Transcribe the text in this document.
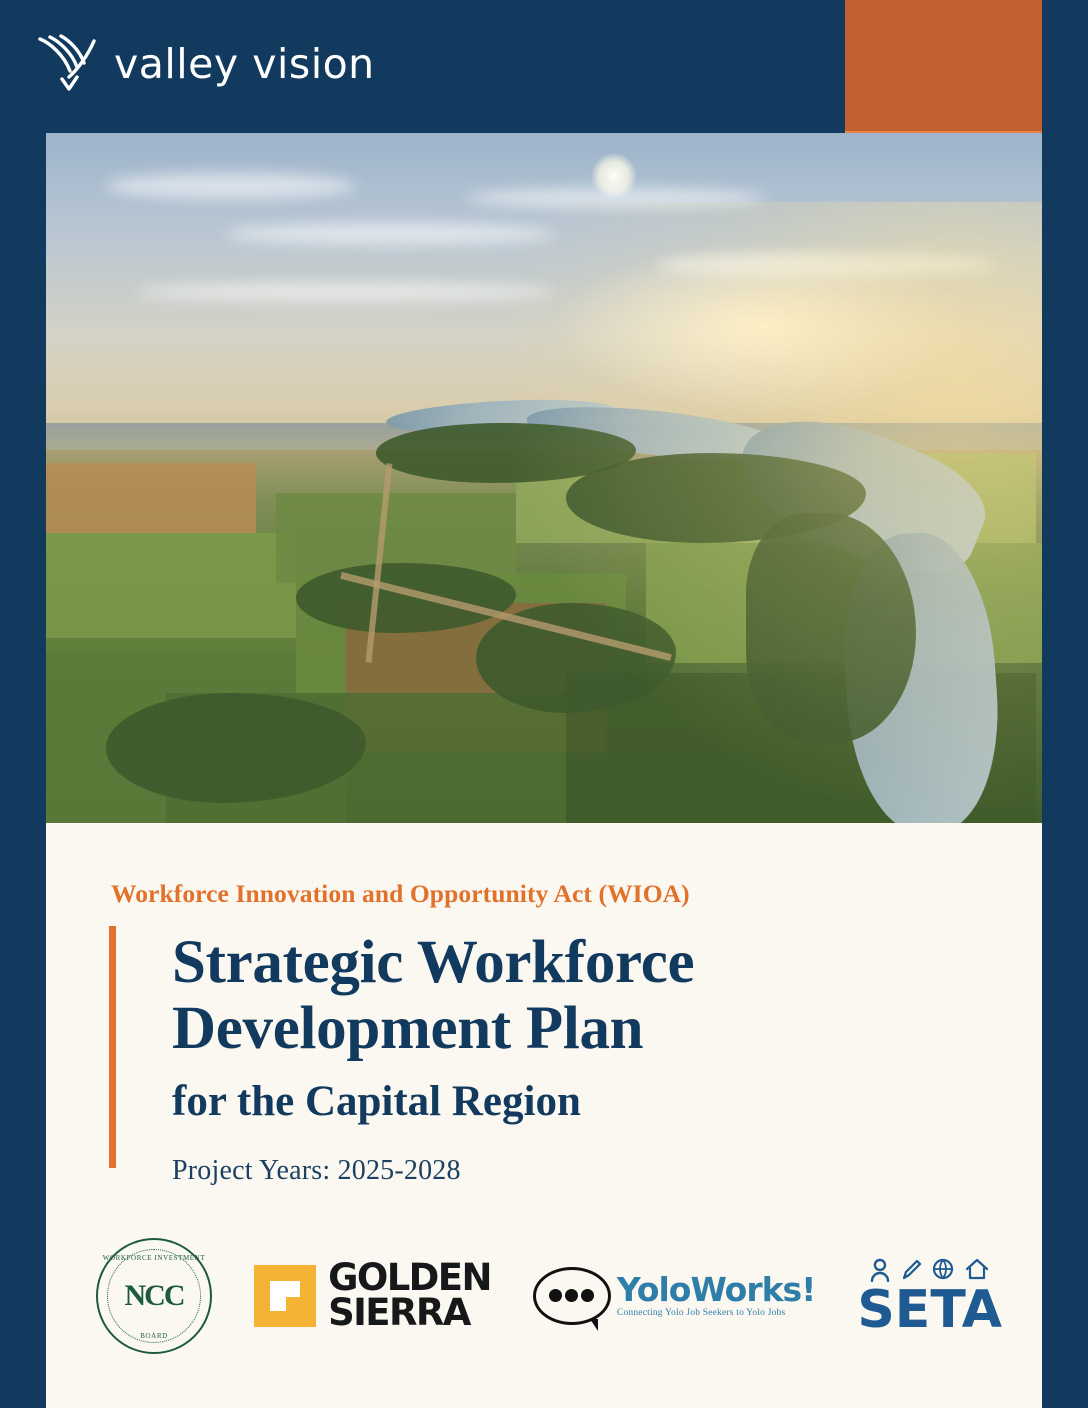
valley vision
Workforce Innovation and Opportunity Act (WIOA)
Strategic Workforce
Development Plan
for the Capital Region
Project Years: 2025-2028
WORKFORCE INVESTMENT
NCC
BOARD
GOLDEN
SIERRA
YoloWorks!
Connecting Yolo Job Seekers to Yolo Jobs	SETA
